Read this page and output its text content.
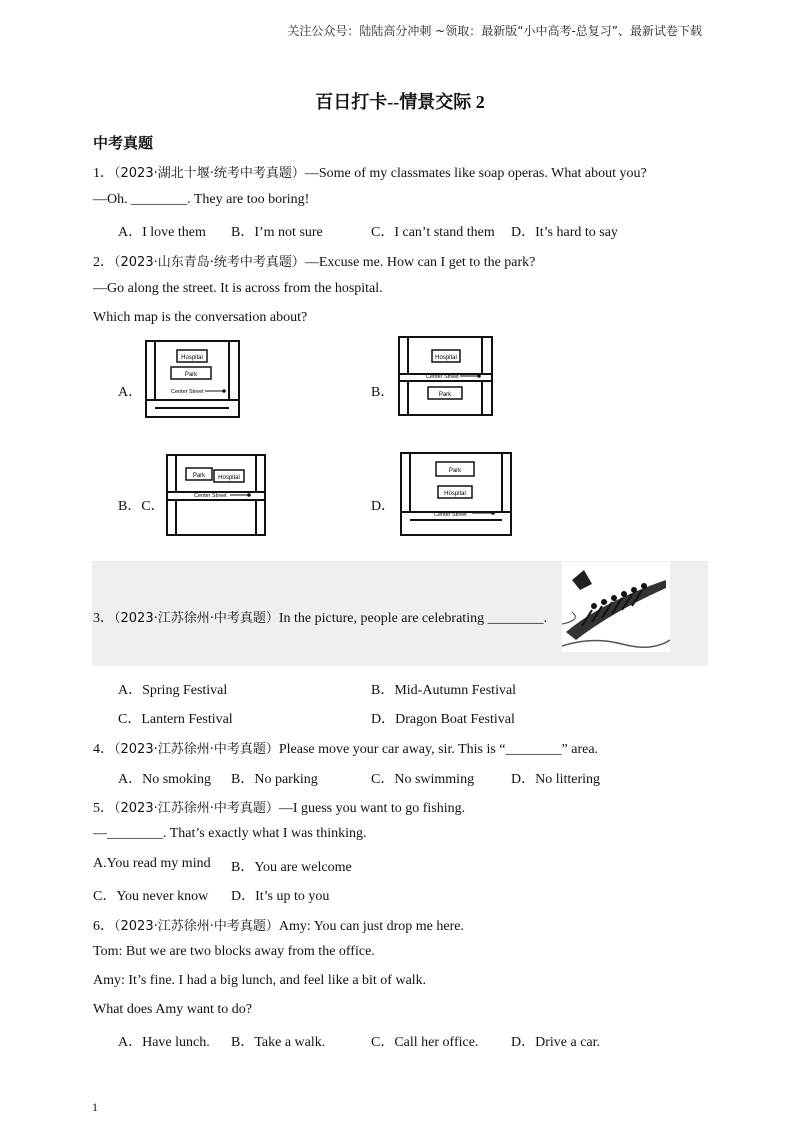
关注公众号：陆陆高分冲刺 ~领取：最新版“小中高考-总复习”、最新试卷下载
百日打卡--情景交际 2
中考真题
1．（2023·湖北十堰·统考中考真题）—Some of my classmates like soap operas. What about you?
—Oh. ________. They are too boring!
A．I love them B．I’m not sure	C．I can’t stand them D．It’s hard to say
2．（2023·山东青岛·统考中考真题）—Excuse me. How can I get to the park?
—Go along the street. It is across from the hospital.
Which map is the conversation about?
A．	B．
B．C．	D．
Hospital
Park
Center Street
Hospital
Center Street
Park
Park Hospital
Center Street
Park
Hospital
Center Street
3．（2023·江苏徐州·中考真题）In the picture, people are celebrating ________.
A．Spring Festival	B．Mid-Autumn Festival
C．Lantern Festival	D．Dragon Boat Festival
4．（2023·江苏徐州·中考真题）Please move your car away, sir. This is “________” area.
A．No smoking B．No parking	C．No swimming	D．No littering
5．（2023·江苏徐州·中考真题）—I guess you want to go fishing.
—________. That’s exactly what I was thinking.
A.You read my mind B．You are welcome
C．You never know D．It’s up to you
6．（2023·江苏徐州·中考真题）Amy: You can just drop me here.
Tom: But we are two blocks away from the office.
Amy: It’s fine. I had a big lunch, and feel like a bit of walk.
What does Amy want to do?
A．Have lunch. B．Take a walk.	C．Call her office. D．Drive a car.
1
